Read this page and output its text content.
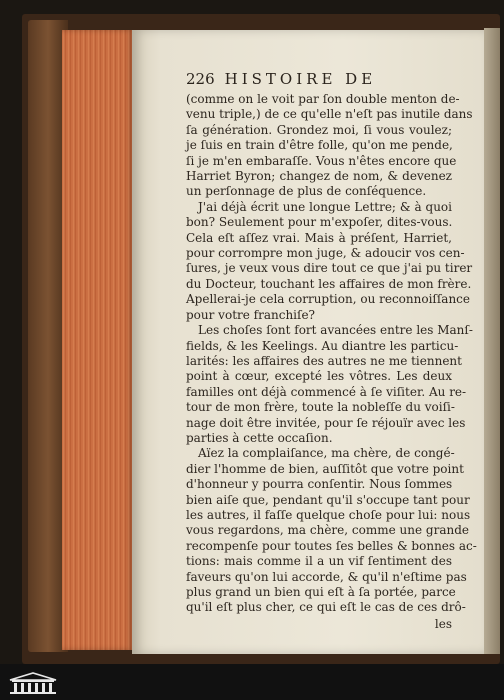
226 HISTOIRE DE
(comme on le voit par ſon double menton de-
venu triple,) de ce qu'elle n'eſt pas inutile dans
ſa génération. Grondez moi, ſi vous voulez;
je ſuis en train d'être folle, qu'on me pende,
ſi je m'en embaraſſe. Vous n'êtes encore que
Harriet Byron; changez de nom, & devenez
un perſonnage de plus de conſéquence.
J'ai déjà écrit une longue Lettre; & à quoi
bon? Seulement pour m'expoſer, dites-vous.
Cela eſt aſſez vrai. Mais à préſent, Harriet,
pour corrompre mon juge, & adoucir vos cen-
ſures, je veux vous dire tout ce que j'ai pu tirer
du Docteur, touchant les affaires de mon frère.
Apellerai-je cela corruption, ou reconnoiſſance
pour votre franchiſe?
Les choſes ſont fort avancées entre les Manſ-
fields, & les Keelings. Au diantre les particu-
larités: les affaires des autres ne me tiennent
point à cœur, excepté les vôtres. Les deux
familles ont déjà commencé à ſe viſiter. Au re-
tour de mon frère, toute la nobleſſe du voiſi-
nage doit être invitée, pour ſe réjouïr avec les
parties à cette occaſion.
Aïez la complaiſance, ma chère, de congé-
dier l'homme de bien, auſſitôt que votre point
d'honneur y pourra conſentir. Nous ſommes
bien aiſe que, pendant qu'il s'occupe tant pour
les autres, il faſſe quelque choſe pour lui: nous
vous regardons, ma chère, comme une grande
recompenſe pour toutes ſes belles & bonnes ac-
tions: mais comme il a un vif ſentiment des
faveurs qu'on lui accorde, & qu'il n'eſtime pas
plus grand un bien qui eſt à ſa portée, parce
qu'il eſt plus cher, ce qui eſt le cas de ces drô-
les
